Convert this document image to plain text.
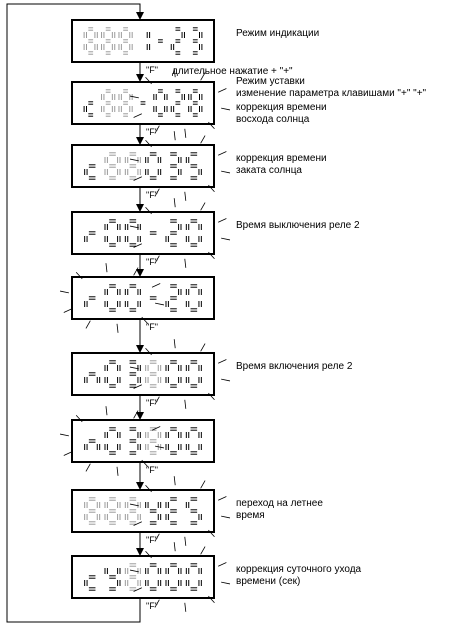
Режим индикации
"F"
коррекция времени
восхода солнца
"F"
коррекция времени
заката солнца
"F"
Время выключения реле 2
"F"
"F"
Время включения реле 2
"F"
"F"
переход на летнее
время
"F"
коррекция суточного ухода
времени (сек)
"F"
Режим уставки
длительное нажатие + "+"
изменение параметра клавишами "+" "+"
